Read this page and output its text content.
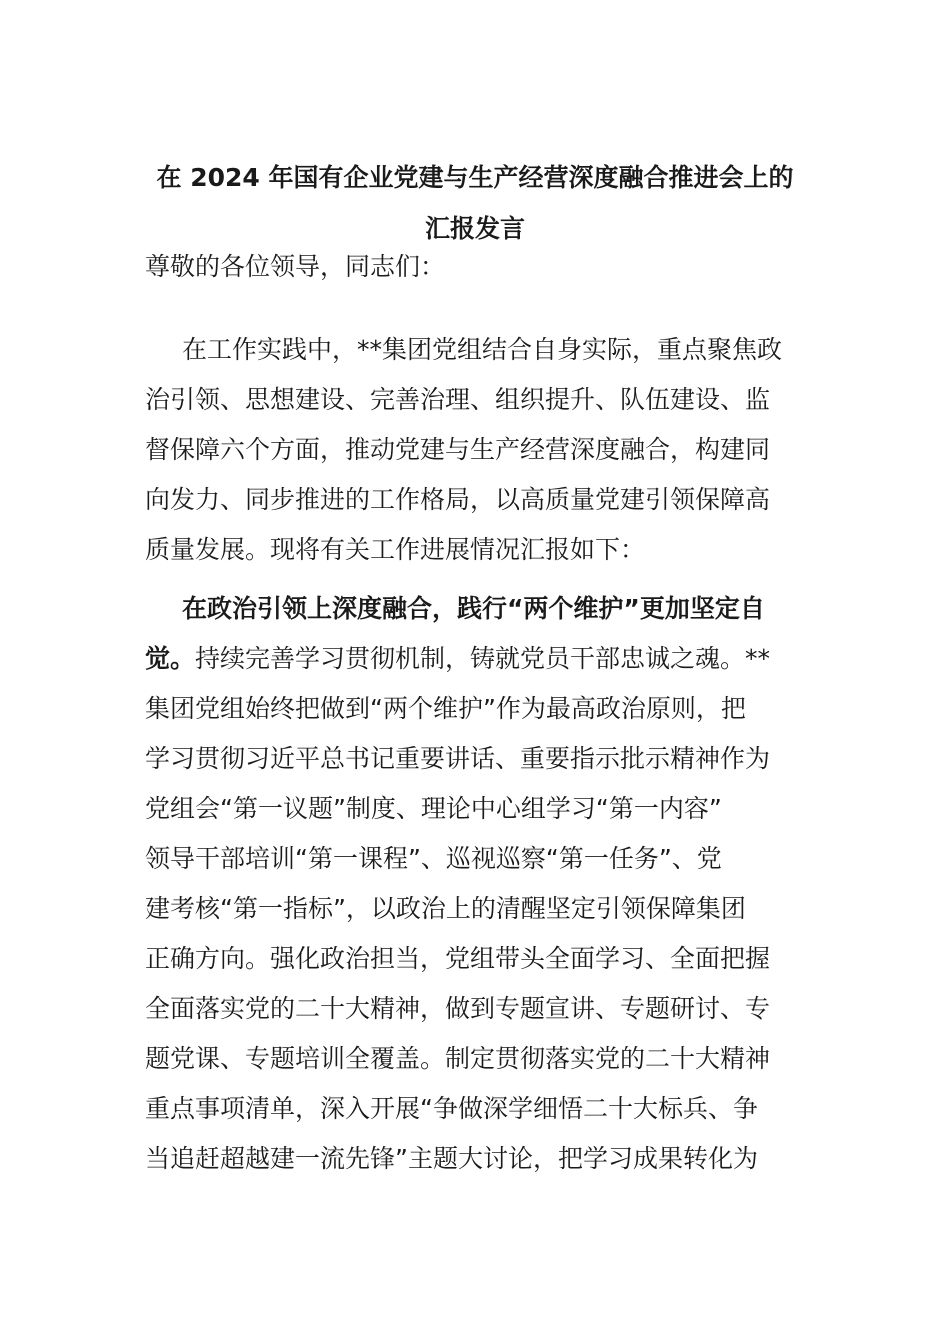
在 2024 年国有企业党建与生产经营深度融合推进会上的
汇报发言
尊敬的各位领导，同志们：
在工作实践中，**集团党组结合自身实际，重点聚焦政
治引领、思想建设、完善治理、组织提升、队伍建设、监
督保障六个方面，推动党建与生产经营深度融合，构建同
向发力、同步推进的工作格局，以高质量党建引领保障高
质量发展。现将有关工作进展情况汇报如下：
在政治引领上深度融合，践行“两个维护”更加坚定自
觉。持续完善学习贯彻机制，铸就党员干部忠诚之魂。**
集团党组始终把做到“两个维护”作为最高政治原则，把
学习贯彻习近平总书记重要讲话、重要指示批示精神作为
党组会“第一议题”制度、理论中心组学习“第一内容”
领导干部培训“第一课程”、巡视巡察“第一任务”、党
建考核“第一指标”，以政治上的清醒坚定引领保障集团
正确方向。强化政治担当，党组带头全面学习、全面把握
全面落实党的二十大精神，做到专题宣讲、专题研讨、专
题党课、专题培训全覆盖。制定贯彻落实党的二十大精神
重点事项清单，深入开展“争做深学细悟二十大标兵、争
当追赶超越建一流先锋”主题大讨论，把学习成果转化为
